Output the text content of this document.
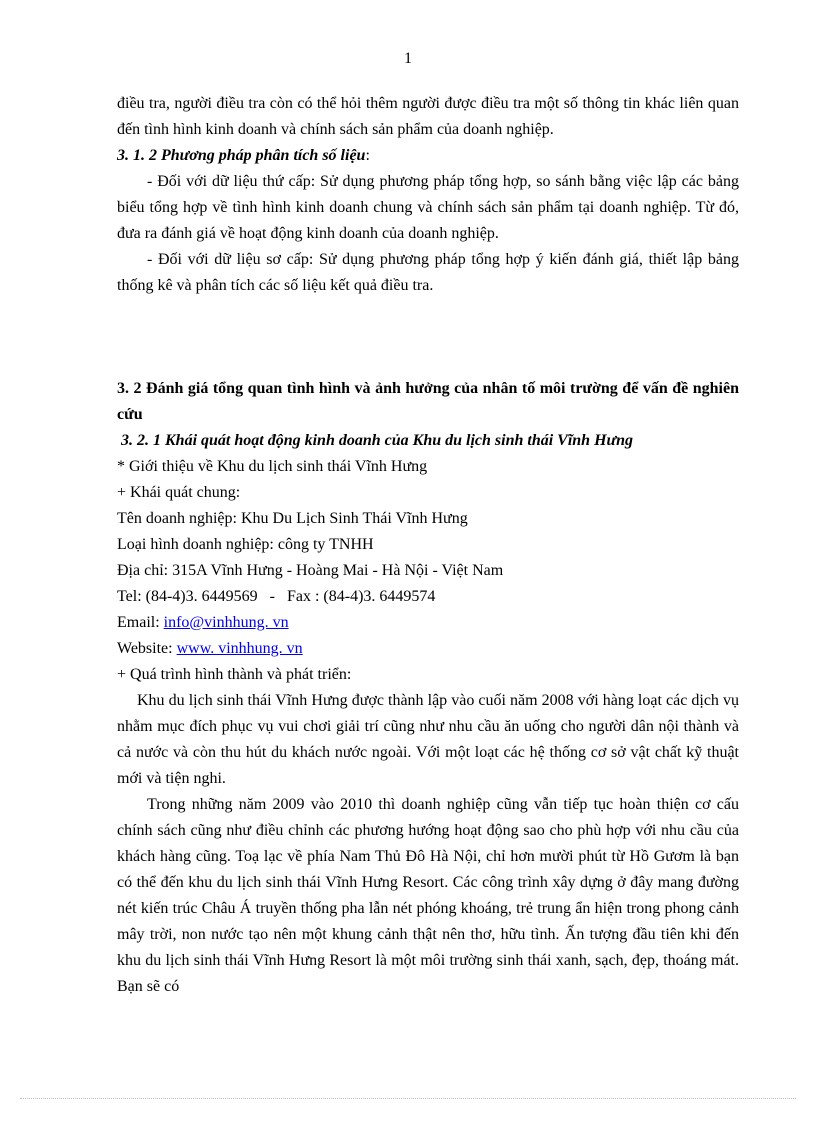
1

điều tra, người điều tra còn có thể hỏi thêm người được điều tra một số thông tin khác liên quan đến tình hình kinh doanh và chính sách sản phẩm của doanh nghiệp.

3. 1. 2 Phương pháp phân tích số liệu:

- Đối với dữ liệu thứ cấp: Sử dụng phương pháp tổng hợp, so sánh bằng việc lập các bảng biểu tổng hợp về tình hình kinh doanh chung và chính sách sản phẩm tại doanh nghiệp. Từ đó, đưa ra đánh giá về hoạt động kinh doanh của doanh nghiệp.

- Đối với dữ liệu sơ cấp: Sử dụng phương pháp tổng hợp ý kiến đánh giá, thiết lập bảng thống kê và phân tích các số liệu kết quả điều tra.

3. 2 Đánh giá tổng quan tình hình và ảnh hưởng của nhân tố môi trường để vấn đề nghiên cứu

3. 2. 1 Khái quát hoạt động kinh doanh của Khu du lịch sinh thái Vĩnh Hưng

* Giới thiệu về Khu du lịch sinh thái Vĩnh Hưng

+ Khái quát chung:

Tên doanh nghiệp: Khu Du Lịch Sinh Thái Vĩnh Hưng

Loại hình doanh nghiệp: công ty TNHH

Địa chỉ: 315A Vĩnh Hưng - Hoàng Mai - Hà Nội - Việt Nam

Tel: (84-4)3. 6449569   -   Fax : (84-4)3. 6449574

Email: info@vinhhung. vn

Website: www. vinhhung. vn

+ Quá trình hình thành và phát triển:

Khu du lịch sinh thái Vĩnh Hưng được thành lập vào cuối năm 2008 với hàng loạt các dịch vụ nhằm mục đích phục vụ vui chơi giải trí cũng như nhu cầu ăn uống cho người dân nội thành và cả nước và còn thu hút du khách nước ngoài. Với một loạt các hệ thống cơ sở vật chất kỹ thuật mới và tiện nghi.

Trong những năm 2009 vào 2010 thì doanh nghiệp cũng vẫn tiếp tục hoàn thiện cơ cấu chính sách cũng như điều chỉnh các phương hướng hoạt động sao cho phù hợp với nhu cầu của khách hàng cũng. Toạ lạc về phía Nam Thủ Đô Hà Nội, chỉ hơn mười phút từ Hồ Gươm là bạn có thể đến khu du lịch sinh thái Vĩnh Hưng Resort. Các công trình xây dựng ở đây mang đường nét kiến trúc Châu Á truyền thống pha lẫn nét phóng khoáng, trẻ trung ẩn hiện trong phong cảnh mây trời, non nước tạo nên một khung cảnh thật nên thơ, hữu tình. Ấn tượng đầu tiên khi đến khu du lịch sinh thái Vĩnh Hưng Resort là một môi trường sinh thái xanh, sạch, đẹp, thoáng mát. Bạn sẽ có
